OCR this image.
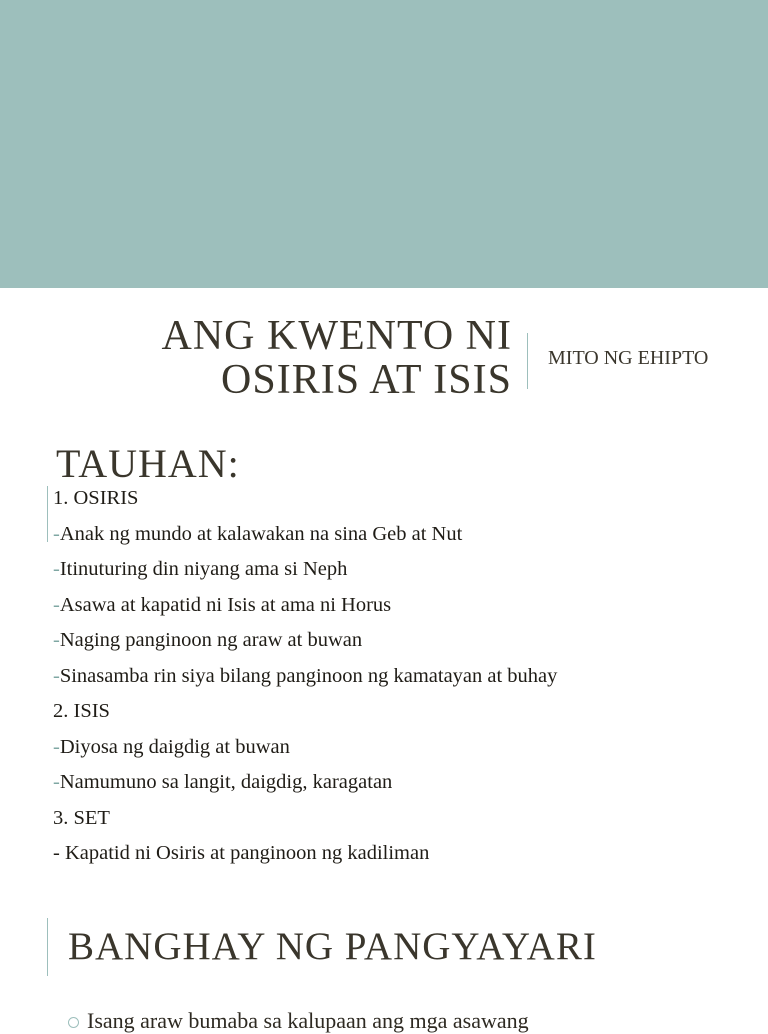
ANG KWENTO NI
OSIRIS AT ISIS MITO NG EHIPTO
TAUHAN:
1. OSIRIS
-Anak ng mundo at kalawakan na sina Geb at Nut
-Itinuturing din niyang ama si Neph
-Asawa at kapatid ni Isis at ama ni Horus
-Naging panginoon ng araw at buwan
-Sinasamba rin siya bilang panginoon ng kamatayan at buhay
2. ISIS
-Diyosa ng daigdig at buwan
-Namumuno sa langit, daigdig, karagatan
3. SET
- Kapatid ni Osiris at panginoon ng kadiliman
BANGHAY NG PANGYAYARI
Isang araw bumaba sa kalupaan ang mga asawang
